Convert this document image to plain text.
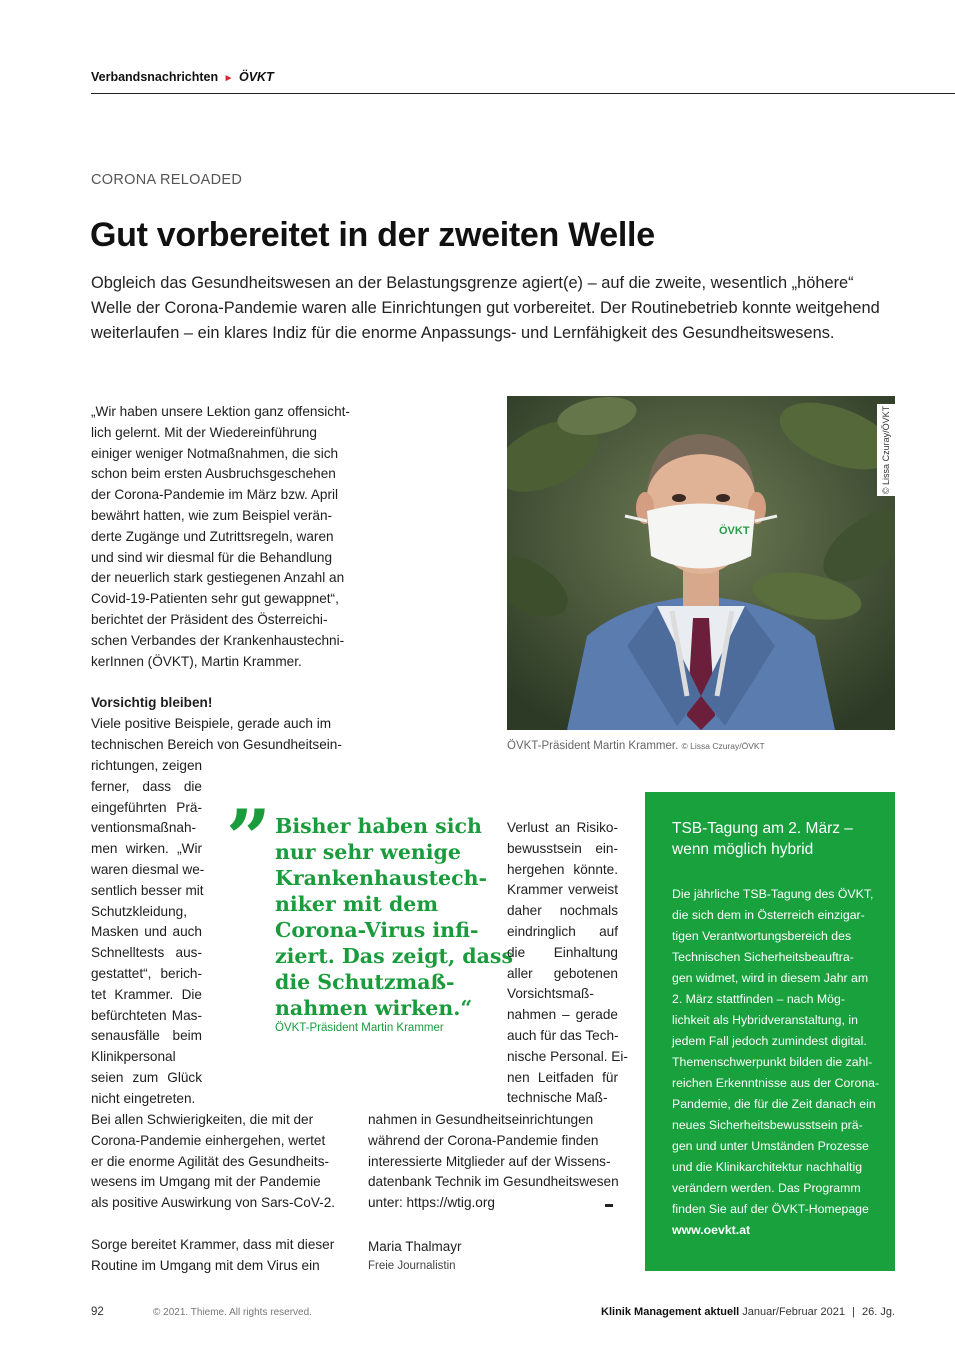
Verbandsnachrichten ► ÖVKT
CORONA RELOADED
Gut vorbereitet in der zweiten Welle
Obgleich das Gesundheitswesen an der Belastungsgrenze agiert(e) – auf die zweite, wesentlich „höhere“ Welle der Corona-Pandemie waren alle Einrichtungen gut vorbereitet. Der Routinebetrieb konnte weitgehend weiterlaufen – ein klares Indiz für die enorme Anpassungs- und Lernfähigkeit des Gesundheitswesens.

„Wir haben unsere Lektion ganz offensicht-
lich gelernt. Mit der Wiedereinführung
einiger weniger Notmaßnahmen, die sich
schon beim ersten Ausbruchsgeschehen
der Corona-Pandemie im März bzw. April
bewährt hatten, wie zum Beispiel verän-
derte Zugänge und Zutrittsregeln, waren
und sind wir diesmal für die Behandlung
der neuerlich stark gestiegenen Anzahl an
Covid-19-Patienten sehr gut gewappnet“,
berichtet der Präsident des Österreichi-
schen Verbandes der Krankenhaustechni-
kerInnen (ÖVKT), Martin Krammer.

Vorsichtig bleiben!

Viele positive Beispiele, gerade auch im
technischen Bereich von Gesundheitsein-

richtungen, zeigen
ferner, dass die
eingeführten Prä-
ventionsmaßnah-
men wirken. „Wir
waren diesmal we-
sentlich besser mit
Schutzkleidung,
Masken und auch
Schnelltests aus-
gestattet“, berich-
tet Krammer. Die
befürchteten Mas-
senausfälle beim
Klinikpersonal
seien zum Glück
nicht eingetreten.

Bei allen Schwierigkeiten, die mit der
Corona-Pandemie einhergehen, wertet
er die enorme Agilität des Gesundheits-
wesens im Umgang mit der Pandemie
als positive Auswirkung von Sars-CoV-2.

Sorge bereitet Krammer, dass mit dieser
Routine im Umgang mit dem Virus ein

” Bisher haben sich
nur sehr wenige
Krankenhaustech-
niker mit dem
Corona-Virus infi-
ziert. Das zeigt, dass
die Schutzmaß-
nahmen wirken.“
ÖVKT-Präsident Martin Krammer

Verlust an Risiko-
bewusstsein ein-
hergehen könnte.
Krammer verweist
daher nochmals
eindringlich auf
die Einhaltung
aller gebotenen
Vorsichtsmaß-
nahmen – gerade
auch für das Tech-
nische Personal. Ei-
nen Leitfaden für
technische Maß-

nahmen in Gesundheitseinrichtungen
während der Corona-Pandemie finden
interessierte Mitglieder auf der Wissens-
datenbank Technik im Gesundheitswesen
unter: https://wtig.org

Maria Thalmayr
Freie Journalistin
ÖVKT
© Lissa Czuray/ÖVKT
ÖVKT-Präsident Martin Krammer. © Lissa Czuray/ÖVKT
TSB-Tagung am 2. März –
wenn möglich hybrid
Die jährliche TSB-Tagung des ÖVKT,
die sich dem in Österreich einzigar-
tigen Verantwortungsbereich des
Technischen Sicherheitsbeauftra-
gen widmet, wird in diesem Jahr am
2. März stattfinden – nach Mög-
lichkeit als Hybridveranstaltung, in
jedem Fall jedoch zumindest digital.
Themenschwerpunkt bilden die zahl-
reichen Erkenntnisse aus der Corona-
Pandemie, die für die Zeit danach ein
neues Sicherheitsbewusstsein prä-
gen und unter Umständen Prozesse
und die Klinikarchitektur nachhaltig
verändern werden. Das Programm
finden Sie auf der ÖVKT-Homepage
www.oevkt.at
92	© 2021. Thieme. All rights reserved.	Klinik Management aktuell Januar/Februar 2021 | 26. Jg.
